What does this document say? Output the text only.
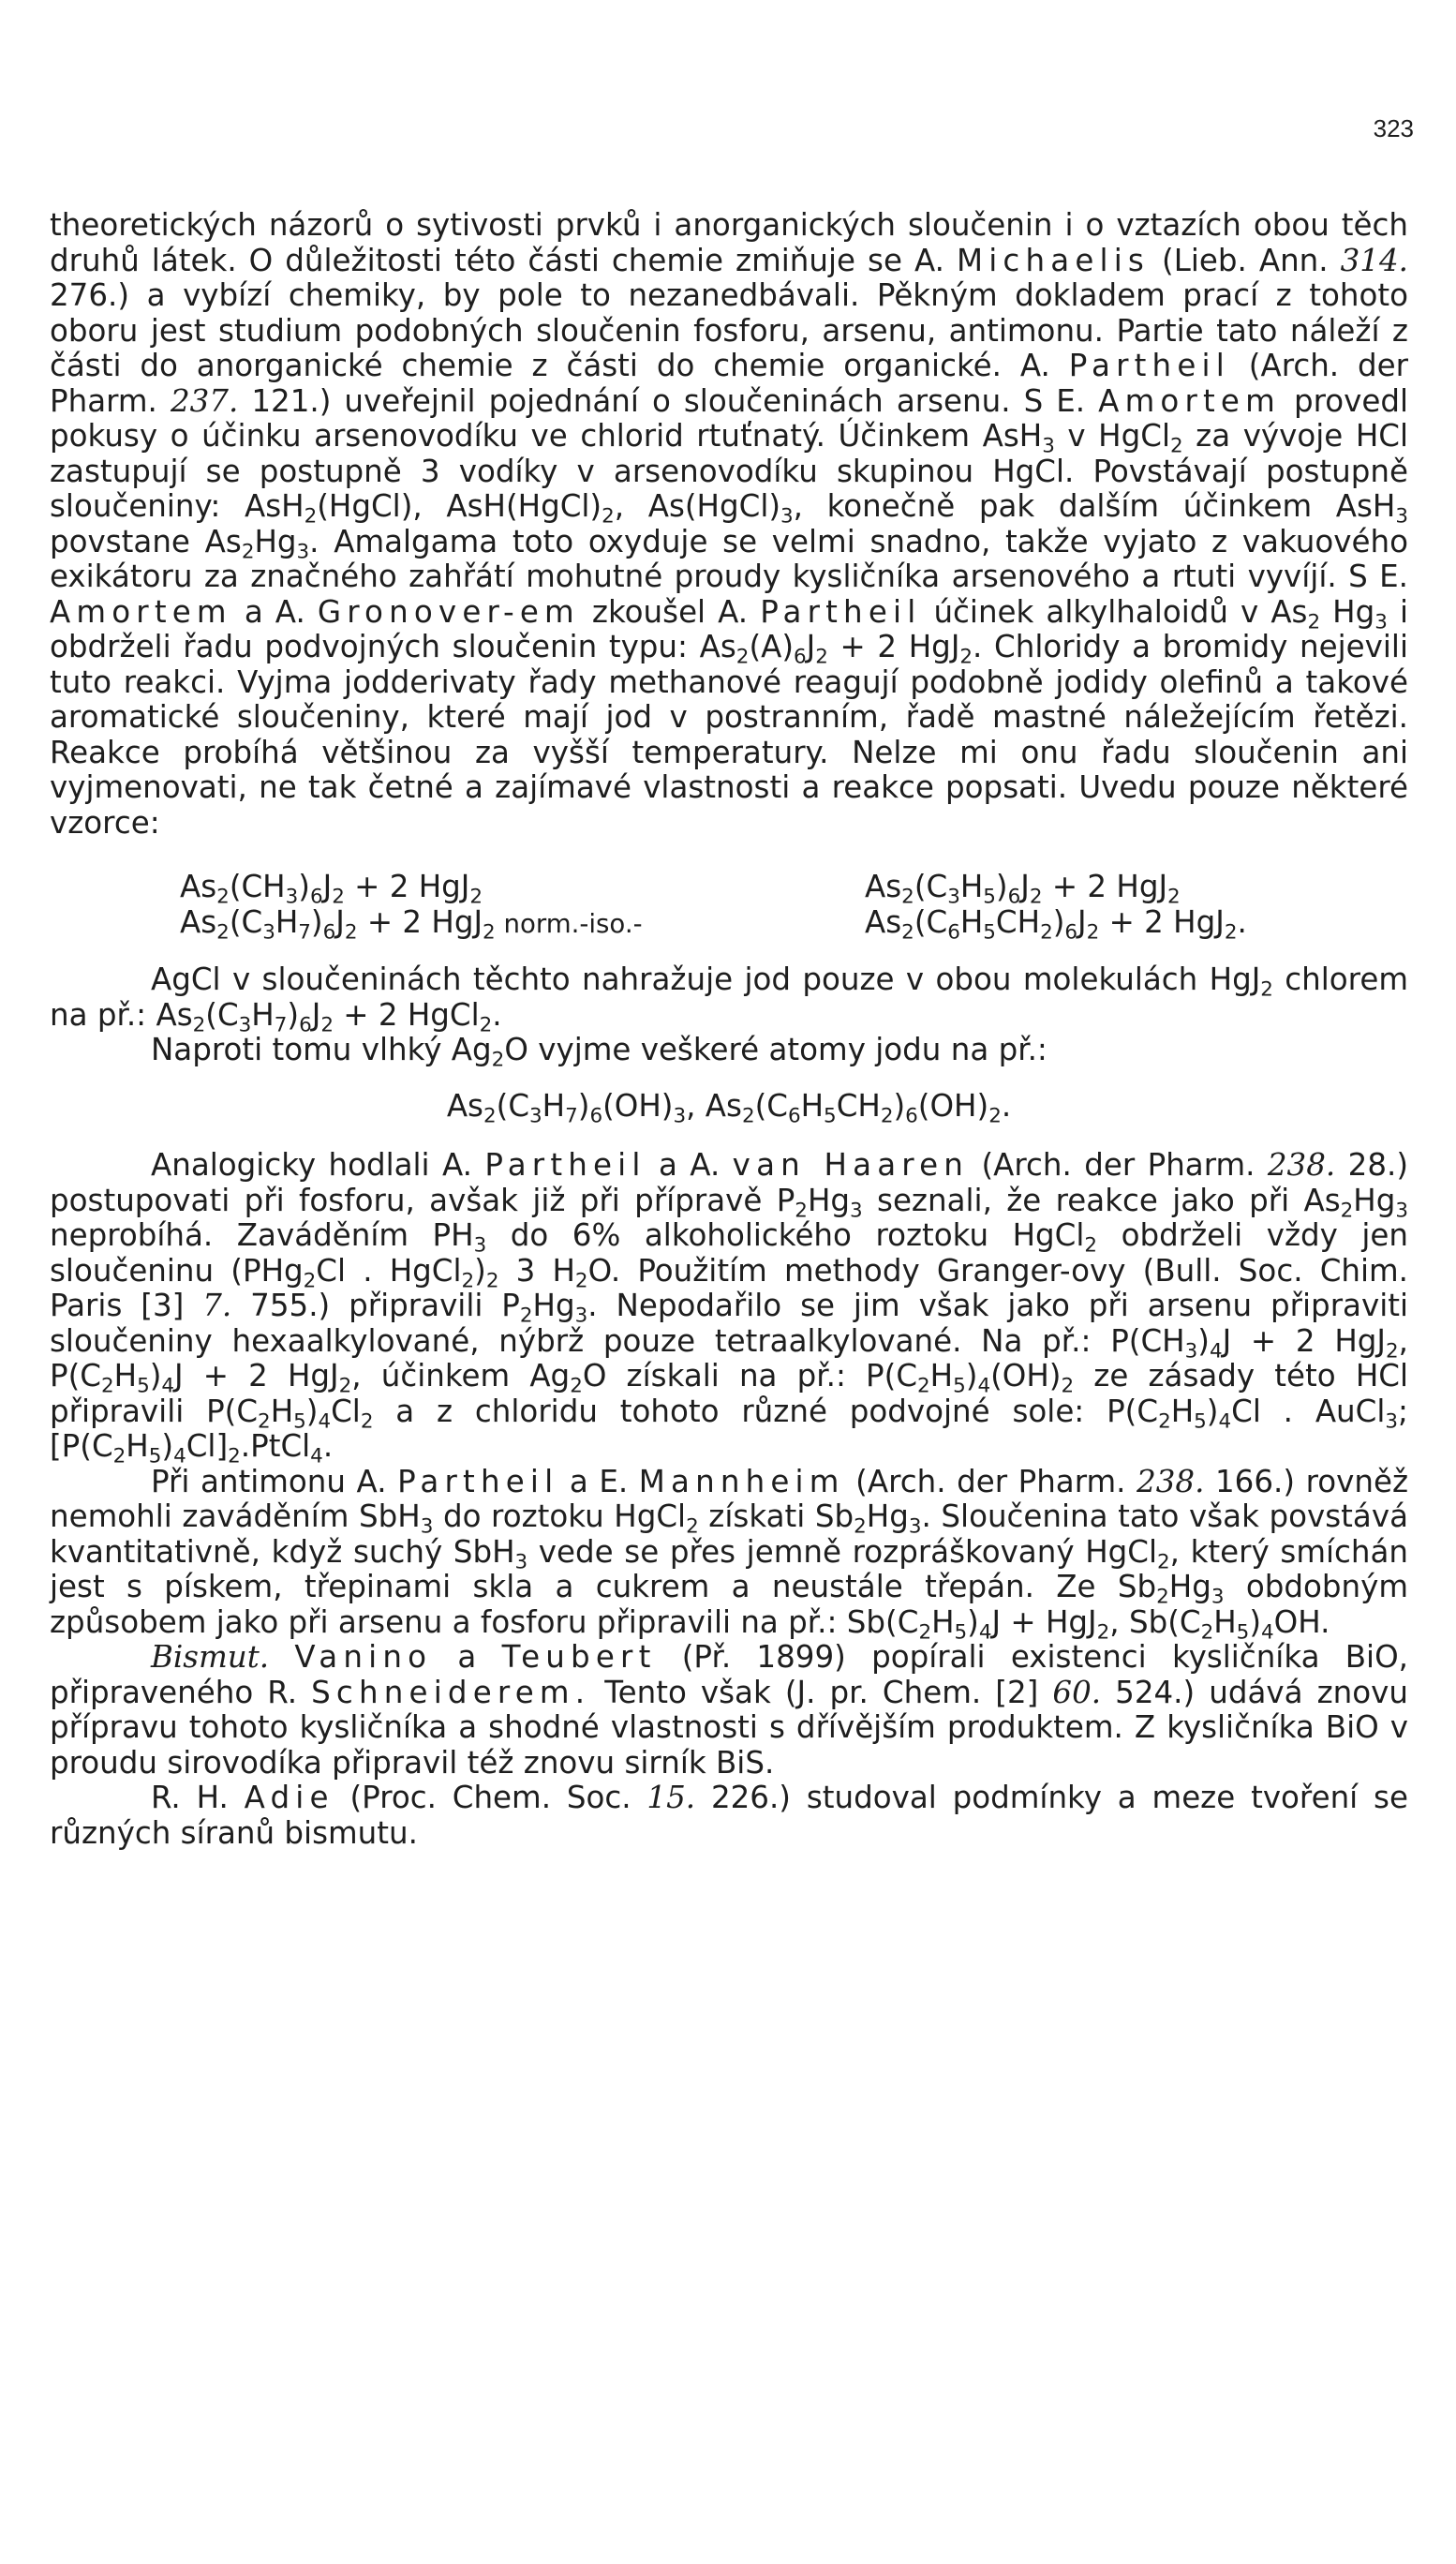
323

theoretických názorů o sytivosti prvků i anorganických sloučenin i o vztazích obou těch druhů látek. O důležitosti této části chemie zmiňuje se A. Michaelis (Lieb. Ann. 314. 276.) a vybízí chemiky, by pole to nezanedbávali. Pěkným dokladem prací z tohoto oboru jest studium podobných sloučenin fosforu, arsenu, antimonu. Partie tato náleží z části do anorganické chemie z části do chemie organické. A. Partheil (Arch. der Pharm. 237. 121.) uveřejnil pojednání o sloučeninách arsenu. S E. Amortem provedl pokusy o účinku arsenovodíku ve chlorid rtuťnatý. Účinkem AsH$_3$ v HgCl$_2$ za vývoje HCl zastupují se postupně 3 vodíky v arsenovodíku skupinou HgCl. Povstávají postupně sloučeniny: AsH$_2$(HgCl), $AsH(HgCl)_2$, $As(HgCl)_3$, konečně pak dalším účinkem AsH$_3$ povstane $As_2Hg_3$. Amalgama toto oxyduje se velmi snadno, takže vyjato z vakuového exikátoru za značného zahřátí mohutné proudy kysličníka arsenového a rtuti vyvíjí. S E. Amortem a A. Gronover-em zkoušel A. Partheil účinek alkylhaloidů v $As_2$ $Hg_3$ i obdrželi řadu podvojných sloučenin typu: $As_2(A)_6J_2 + 2$ HgJ$_2$. Chloridy a bromidy nejevili tuto reakci. Vyjma jodderivaty řady methanové reagují podobně jodidy olefinů a takové aromatické sloučeniny, které mají jod v postranním, řadě mastné náležejícím řetězi. Reakce probíhá většinou za vyšší temperatury. Nelze mi onu řadu sloučenin ani vyjmenovati, ne tak četné a zajímavé vlastnosti a reakce popsati. Uvedu pouze některé vzorce:

$As_2(CH_3)_6J_2 + 2$ HgJ$_2$	$As_2(C_3H_5)_6J_2 + 2$ HgJ$_2$
$As_2(C_3H_7)_6J_2 + 2$ HgJ$_2$ norm.-iso.-	$As_2(C_6H_5CH_2)_6J_2 + 2$ HgJ$_2$.

AgCl v sloučeninách těchto nahražuje jod pouze v obou molekulách HgJ$_2$ chlorem na př.: $As_2(C_3H_7)_6J_2 + 2$ HgCl$_2$.

Naproti tomu vlhký $Ag_2O$ vyjme veškeré atomy jodu na př.:

$As_2(C_3H_7)_6(OH)_3$, $As_2(C_6H_5CH_2)_6(OH)_2$.

Analogicky hodlali A. Partheil a A. van Haaren (Arch. der Pharm. 238. 28.) postupovati při fosforu, avšak již při přípravě $P_2Hg_3$ seznali, že reakce jako při $As_2Hg_3$ neprobíhá. Zaváděním $PH_3$ do 6% alkoholického roztoku HgCl$_2$ obdrželi vždy jen sloučeninu (PHg$_2$Cl . $HgCl_2)_2$ 3 $H_2O$. Použitím methody Granger-ovy (Bull. Soc. Chim. Paris [3] 7. 755.) připravili $P_2Hg_3$. Nepodařilo se jim však jako při arsenu připraviti sloučeniny hexaalkylované, nýbrž pouze tetraalkylované. Na př.: $P(CH_3)_4J + 2$ HgJ$_2$, $P(C_2H_5)_4J + 2$ HgJ$_2$, účinkem $Ag_2O$ získali na př.: $P(C_2H_5)_4(OH)_2$ ze zásady této HCl připravili $P(C_2H_5)_4Cl_2$ a z chloridu tohoto různé podvojné sole: $P(C_2H_5)_4Cl$ . AuCl$_3$; $[P(C_2H_5)_4Cl]_2.PtCl_4$.

Při antimonu A. Partheil a E. Mannheim (Arch. der Pharm. 238. 166.) rovněž nemohli zaváděním SbH$_3$ do roztoku HgCl$_2$ získati $Sb_2Hg_3$. Sloučenina tato však povstává kvantitativně, když suchý SbH$_3$ vede se přes jemně rozpráškovaný HgCl$_2$, který smíchán jest s pískem, třepinami skla a cukrem a neustále třepán. Ze $Sb_2Hg_3$ obdobným způsobem jako při arsenu a fosforu připravili na př.: $Sb(C_2H_5)_4J + HgJ_2$, $Sb(C_2H_5)_4OH$.

Bismut. Vanino a Teubert (Př. 1899) popírali existenci kysličníka BiO, připraveného R. Schneiderem. Tento však (J. pr. Chem. [2] 60. 524.) udává znovu přípravu tohoto kysličníka a shodné vlastnosti s dřívějším produktem. Z kysličníka BiO v proudu sirovodíka připravil též znovu sirník BiS.

R. H. Adie (Proc. Chem. Soc. 15. 226.) studoval podmínky a meze tvoření se různých síranů bismutu.
